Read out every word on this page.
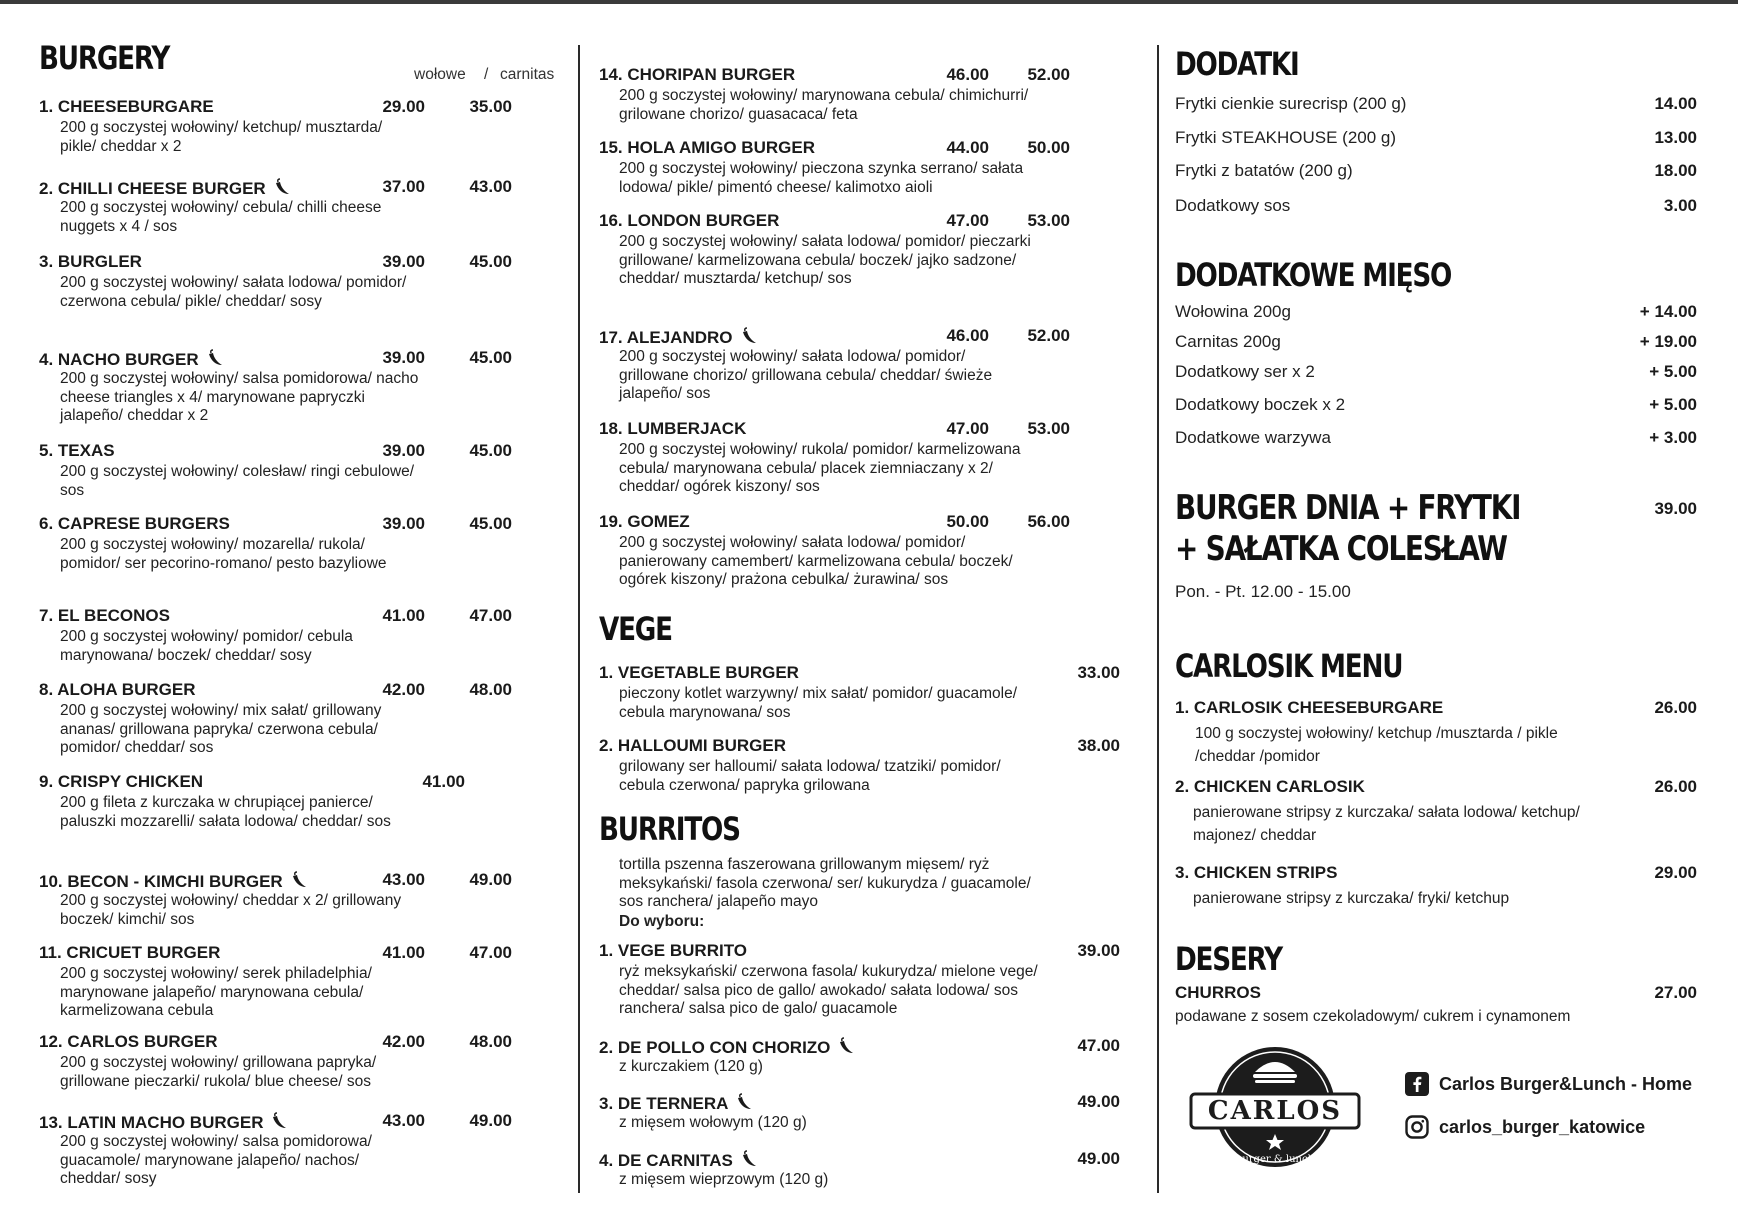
BURGERY	wołowe / carnitas
1. CHEESEBURGARE
200 g soczystej wołowiny/ ketchup/ musztarda/ pikle/ cheddar x 2
29.00	35.00
2. CHILLI CHEESE BURGER
200 g soczystej wołowiny/ cebula/ chilli cheese nuggets x 4 / sos
37.00	43.00
3. BURGLER
200 g soczystej wołowiny/ sałata lodowa/ pomidor/ czerwona cebula/ pikle/ cheddar/ sosy
39.00	45.00
4. NACHO BURGER
200 g soczystej wołowiny/ salsa pomidorowa/ nacho cheese triangles x 4/ marynowane papryczki jalapeño/ cheddar x 2
39.00	45.00
5. TEXAS
200 g soczystej wołowiny/ colesław/ ringi cebulowe/ sos
39.00	45.00
6. CAPRESE BURGERS
200 g soczystej wołowiny/ mozarella/ rukola/ pomidor/ ser pecorino-romano/ pesto bazyliowe
39.00	45.00
7. EL BECONOS
200 g soczystej wołowiny/ pomidor/ cebula marynowana/ boczek/ cheddar/ sosy
41.00	47.00
8. ALOHA BURGER
200 g soczystej wołowiny/ mix sałat/ grillowany ananas/ grillowana papryka/ czerwona cebula/ pomidor/ cheddar/ sos
42.00	48.00
9. CRISPY CHICKEN
200 g fileta z kurczaka w chrupiącej panierce/ paluszki mozzarelli/ sałata lodowa/ cheddar/ sos
41.00
10. BECON - KIMCHI BURGER
200 g soczystej wołowiny/ cheddar x 2/ grillowany boczek/ kimchi/ sos
43.00	49.00
11. CRICUET BURGER
200 g soczystej wołowiny/ serek philadelphia/ marynowane jalapeño/ marynowana cebula/ karmelizowana cebula
41.00	47.00
12. CARLOS BURGER
200 g soczystej wołowiny/ grillowana papryka/ grillowane pieczarki/ rukola/ blue cheese/ sos
42.00	48.00
13. LATIN MACHO BURGER
200 g soczystej wołowiny/ salsa pomidorowa/ guacamole/ marynowane jalapeño/ nachos/ cheddar/ sosy
43.00	49.00
14. CHORIPAN BURGER
200 g soczystej wołowiny/ marynowana cebula/ chimichurri/ grilowane chorizo/ guasacaca/ feta
46.00	52.00
15. HOLA AMIGO BURGER
200 g soczystej wołowiny/ pieczona szynka serrano/ sałata lodowa/ pikle/ pimentó cheese/ kalimotxo aioli
44.00	50.00
16. LONDON BURGER
200 g soczystej wołowiny/ sałata lodowa/ pomidor/ pieczarki grillowane/ karmelizowana cebula/ boczek/ jajko sadzone/ cheddar/ musztarda/ ketchup/ sos
47.00	53.00
17. ALEJANDRO
200 g soczystej wołowiny/ sałata lodowa/ pomidor/ grillowane chorizo/ grillowana cebula/ cheddar/ świeże jalapeño/ sos
46.00	52.00
18. LUMBERJACK
200 g soczystej wołowiny/ rukola/ pomidor/ karmelizowana cebula/ marynowana cebula/ placek ziemniaczany x 2/ cheddar/ ogórek kiszony/ sos
47.00	53.00
19. GOMEZ
200 g soczystej wołowiny/ sałata lodowa/ pomidor/ panierowany camembert/ karmelizowana cebula/ boczek/ ogórek kiszony/ prażona cebulka/ żurawina/ sos
50.00	56.00
VEGE
1. VEGETABLE BURGER
pieczony kotlet warzywny/ mix sałat/ pomidor/ guacamole/ cebula marynowana/ sos
33.00
2. HALLOUMI BURGER
grilowany ser halloumi/ sałata lodowa/ tzatziki/ pomidor/ cebula czerwona/ papryka grilowana
38.00
BURRITOS
tortilla pszenna faszerowana grillowanym mięsem/ ryż meksykański/ fasola czerwona/ ser/ kukurydza / guacamole/ sos ranchera/ jalapeño mayo
Do wyboru:
1. VEGE BURRITO
ryż meksykański/ czerwona fasola/ kukurydza/ mielone vege/ cheddar/ salsa pico de gallo/ awokado/ sałata lodowa/ sos ranchera/ salsa pico de galo/ guacamole
39.00
2. DE POLLO CON CHORIZO
z kurczakiem (120 g)
47.00
3. DE TERNERA
z mięsem wołowym (120 g)
49.00
4. DE CARNITAS
z mięsem wieprzowym (120 g)
49.00
DODATKI
Frytki cienkie surecrisp (200 g)	14.00
Frytki STEAKHOUSE (200 g)	13.00
Frytki z batatów (200 g)	18.00
Dodatkowy sos	3.00
DODATKOWE MIĘSO
Wołowina 200g	+ 14.00
Carnitas 200g	+ 19.00
Dodatkowy ser x 2	+ 5.00
Dodatkowy boczek x 2	+ 5.00
Dodatkowe warzywa	+ 3.00
BURGER DNIA + FRYTKI
+ SAŁATKA COLESŁAW
39.00
Pon. - Pt. 12.00 - 15.00
CARLOSIK MENU
1. CARLOSIK CHEESEBURGARE
100 g soczystej wołowiny/ ketchup /musztarda / pikle /cheddar /pomidor
26.00
2. CHICKEN CARLOSIK
panierowane stripsy z kurczaka/ sałata lodowa/ ketchup/ majonez/ cheddar
26.00
3. CHICKEN STRIPS
panierowane stripsy z kurczaka/ fryki/ ketchup
29.00
DESERY
CHURROS	27.00
podawane z sosem czekoladowym/ cukrem i cynamonem
CARLOS
burger & lunch
Carlos Burger&Lunch - Home
carlos_burger_katowice
